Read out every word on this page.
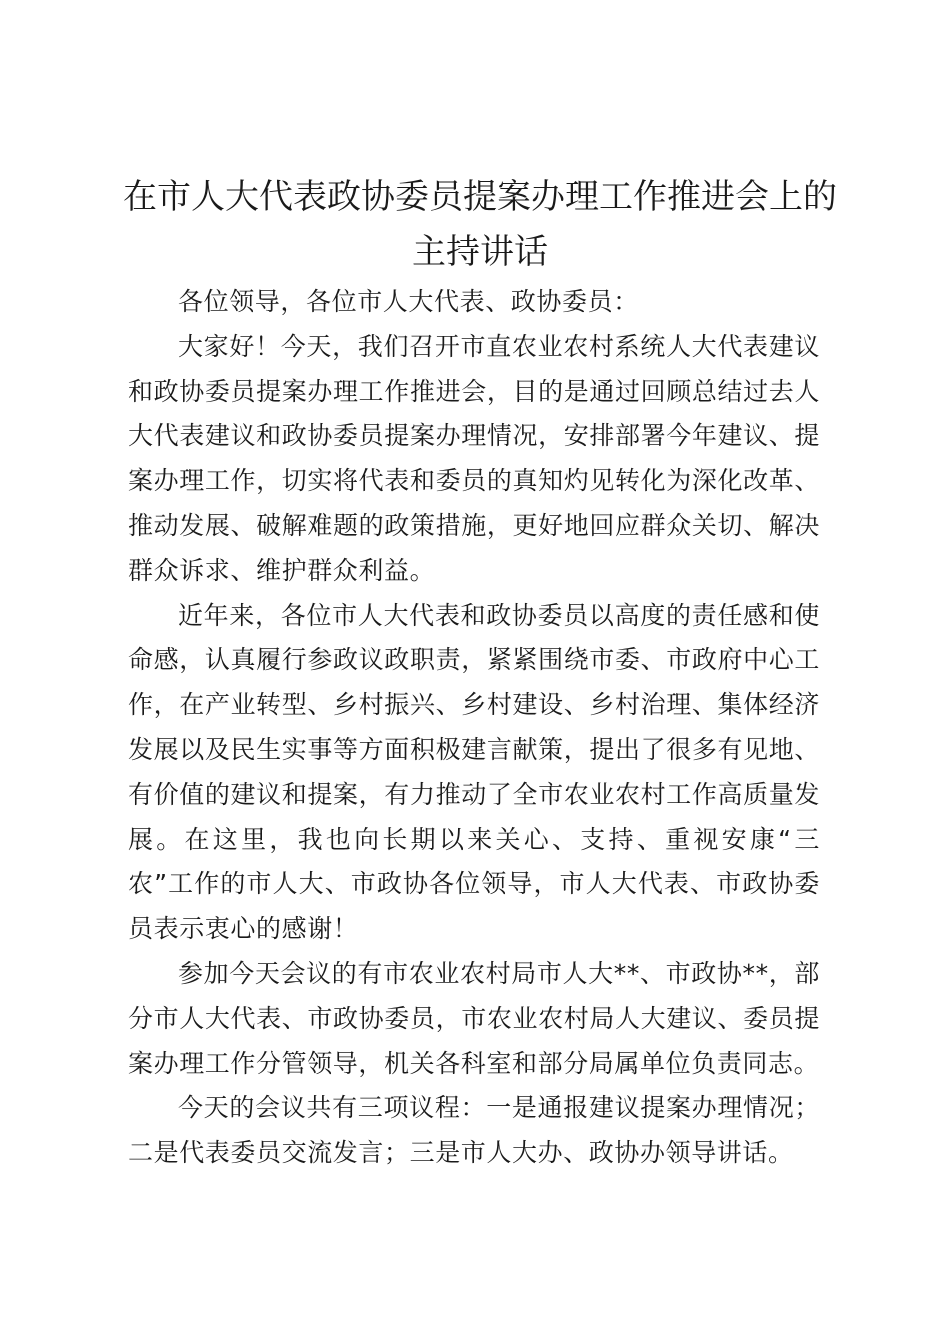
在市人大代表政协委员提案办理工作推进会上的主持讲话

各位领导，各位市人大代表、政协委员：

大家好！今天，我们召开市直农业农村系统人大代表建议和政协委员提案办理工作推进会，目的是通过回顾总结过去人大代表建议和政协委员提案办理情况，安排部署今年建议、提案办理工作，切实将代表和委员的真知灼见转化为深化改革、推动发展、破解难题的政策措施，更好地回应群众关切、解决群众诉求、维护群众利益。

近年来，各位市人大代表和政协委员以高度的责任感和使命感，认真履行参政议政职责，紧紧围绕市委、市政府中心工作，在产业转型、乡村振兴、乡村建设、乡村治理、集体经济发展以及民生实事等方面积极建言献策，提出了很多有见地、有价值的建议和提案，有力推动了全市农业农村工作高质量发展。在这里，我也向长期以来关心、支持、重视安康“三农”工作的市人大、市政协各位领导，市人大代表、市政协委员表示衷心的感谢！

参加今天会议的有市农业农村局市人大**、市政协**，部分市人大代表、市政协委员，市农业农村局人大建议、委员提案办理工作分管领导，机关各科室和部分局属单位负责同志。

今天的会议共有三项议程：一是通报建议提案办理情况；二是代表委员交流发言；三是市人大办、政协办领导讲话。
